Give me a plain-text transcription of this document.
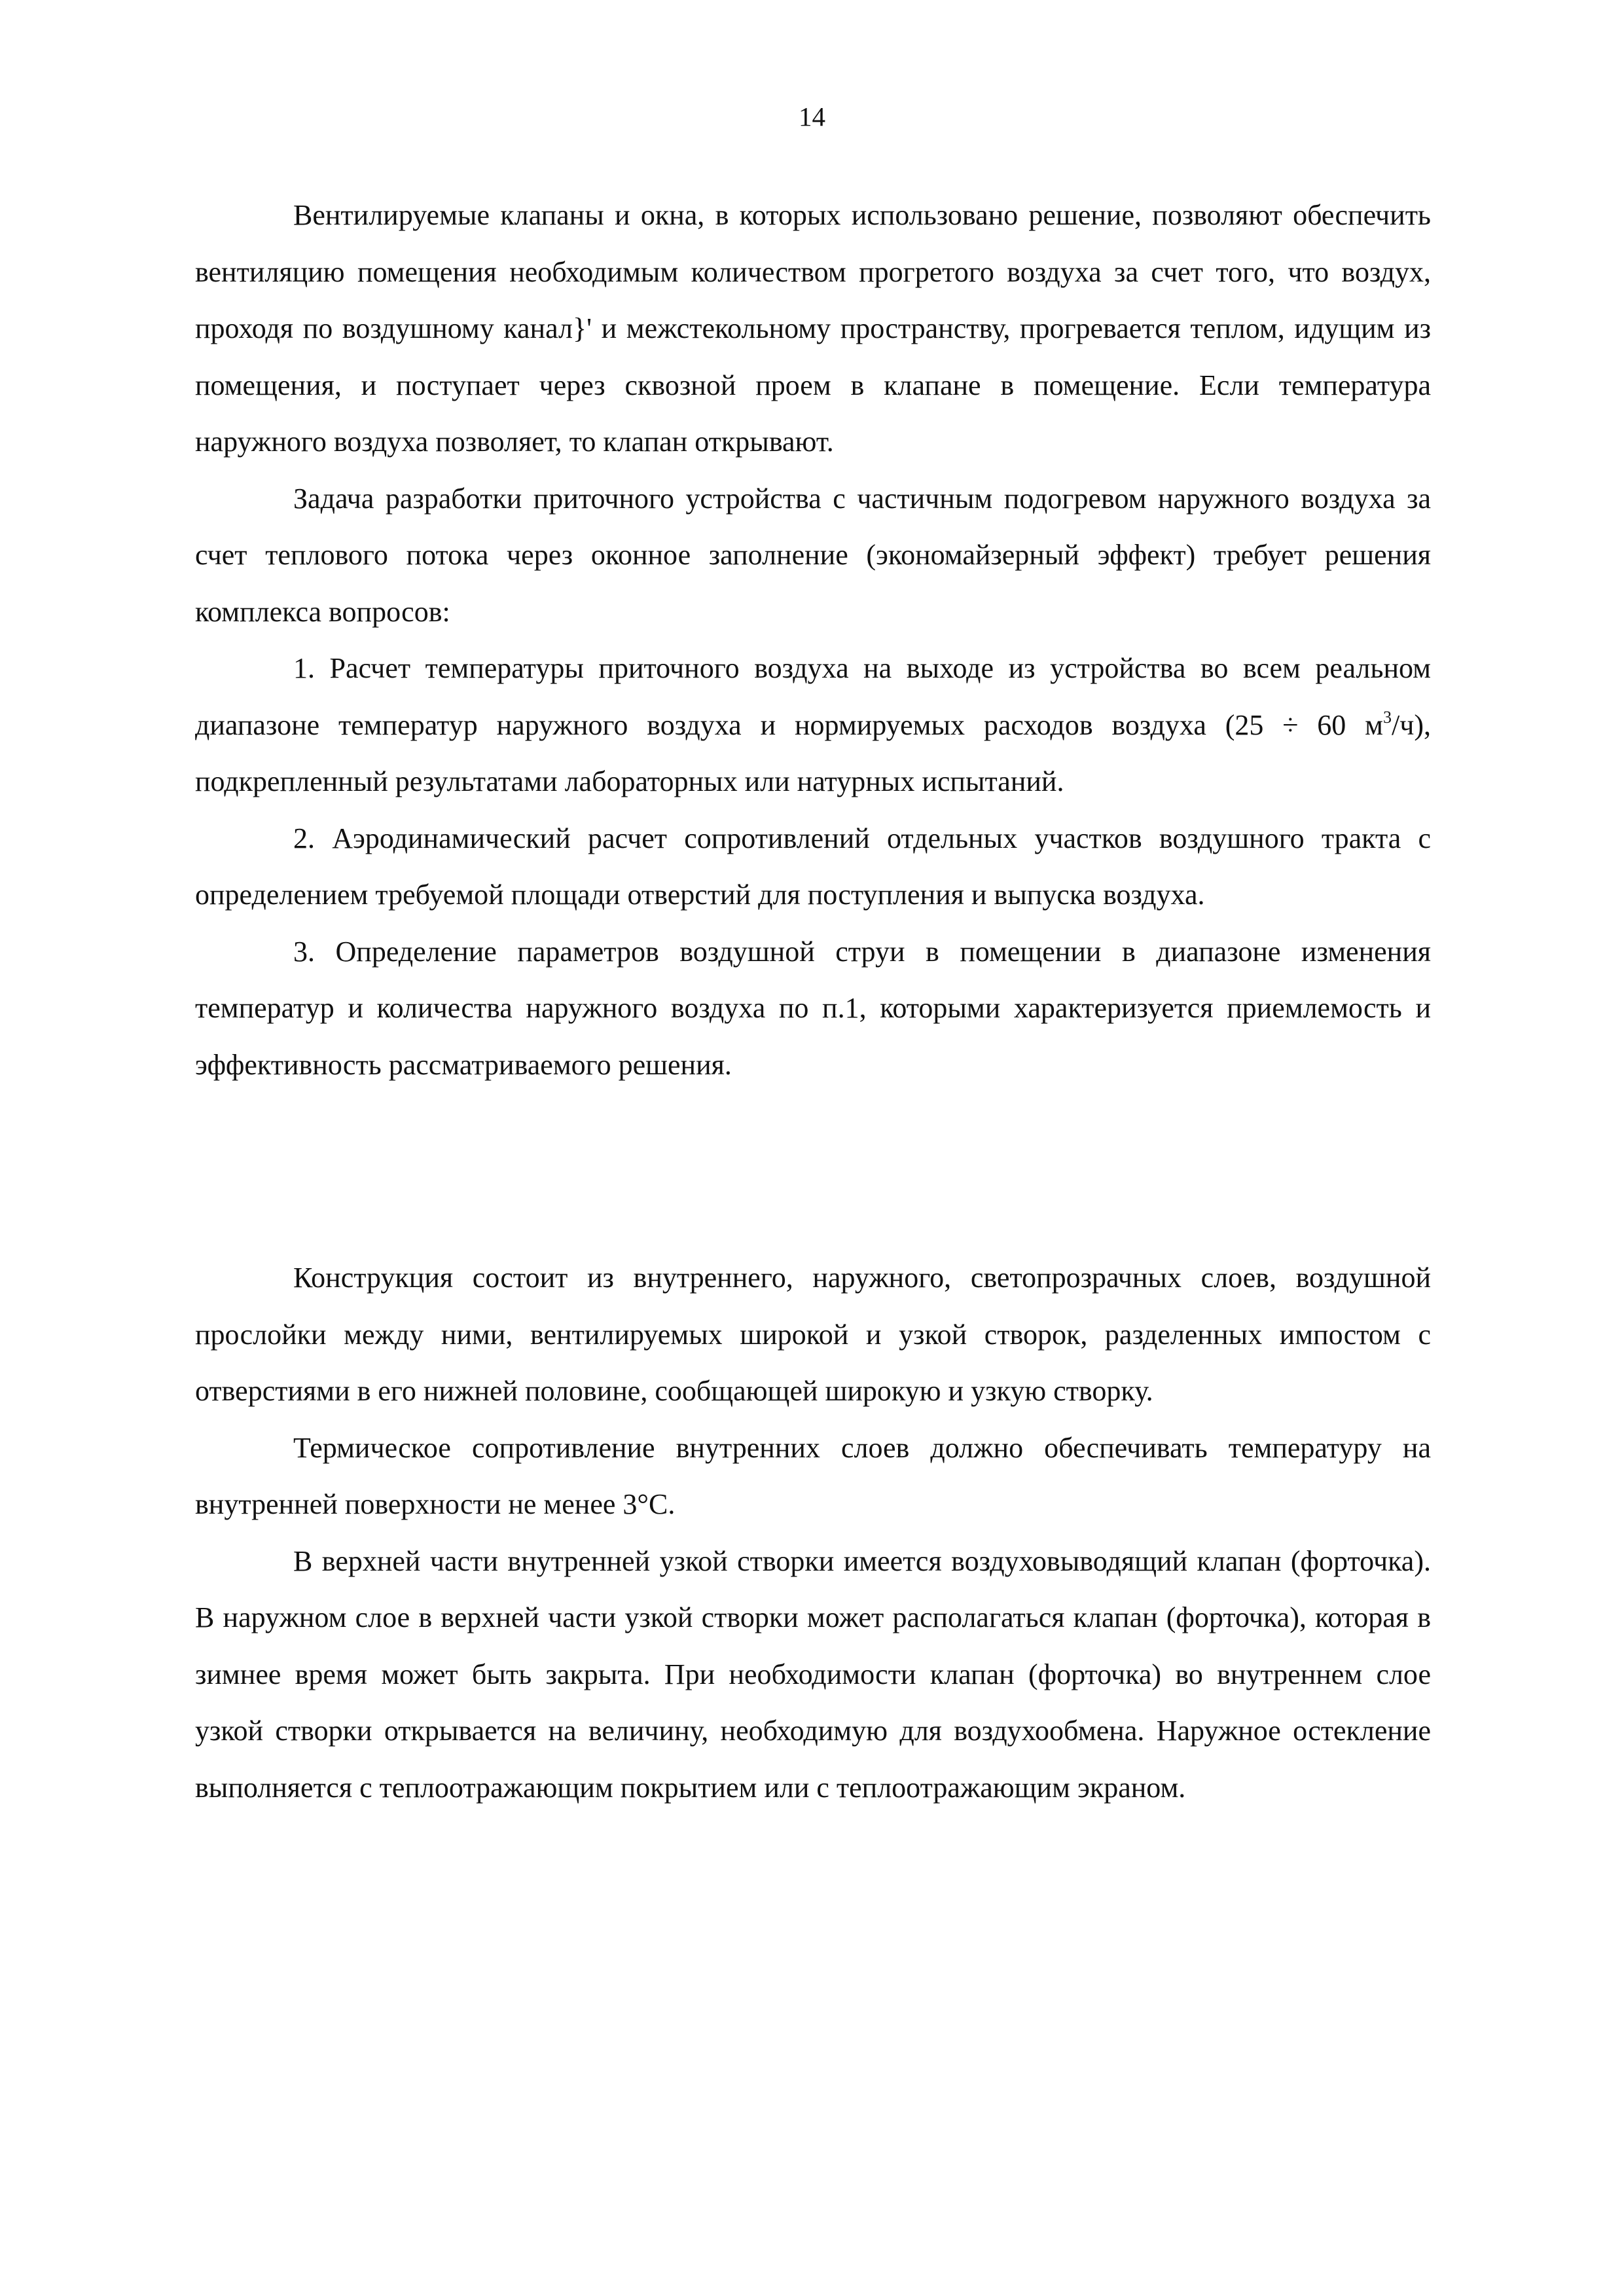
14

Вентилируемые клапаны и окна, в которых использовано решение, позволяют обеспечить вентиляцию помещения необходимым количеством прогретого воздуха за счет того, что воздух, проходя по воздушному канал}' и межстекольному пространству, прогревается теплом, идущим из помещения, и поступает через сквозной проем в клапане в помещение. Если температура наружного воздуха позволяет, то клапан открывают.

Задача разработки приточного устройства с частичным подогревом наружного воздуха за счет теплового потока через оконное заполнение (экономайзерный эффект) требует решения комплекса вопросов:

1. Расчет температуры приточного воздуха на выходе из устройства во всем реальном диапазоне температур наружного воздуха и нормируемых расходов воздуха (25 ÷ 60 $м^3/ч$), подкрепленный результатами лабораторных или натурных испытаний.

2. Аэродинамический расчет сопротивлений отдельных участков воздушного тракта с определением требуемой площади отверстий для поступления и выпуска воздуха.

3. Определение параметров воздушной струи в помещении в диапазоне изменения температур и количества наружного воздуха по п.1, которыми характеризуется приемлемость и эффективность рассматриваемого решения.

Конструкция состоит из внутреннего, наружного, светопрозрачных слоев, воздушной прослойки между ними, вентилируемых широкой и узкой створок, разделенных импостом с отверстиями в его нижней половине, сообщающей широкую и узкую створку.

Термическое сопротивление внутренних слоев должно обеспечивать температуру на внутренней поверхности не менее 3°С.

В верхней части внутренней узкой створки имеется воздуховыводящий клапан (форточка). В наружном слое в верхней части узкой створки может располагаться клапан (форточка), которая в зимнее время может быть закрыта. При необходимости клапан (форточка) во внутреннем слое узкой створки открывается на величину, необходимую для воздухообмена. Наружное остекление выполняется с теплоотражающим покрытием или с теплоотражающим экраном.
